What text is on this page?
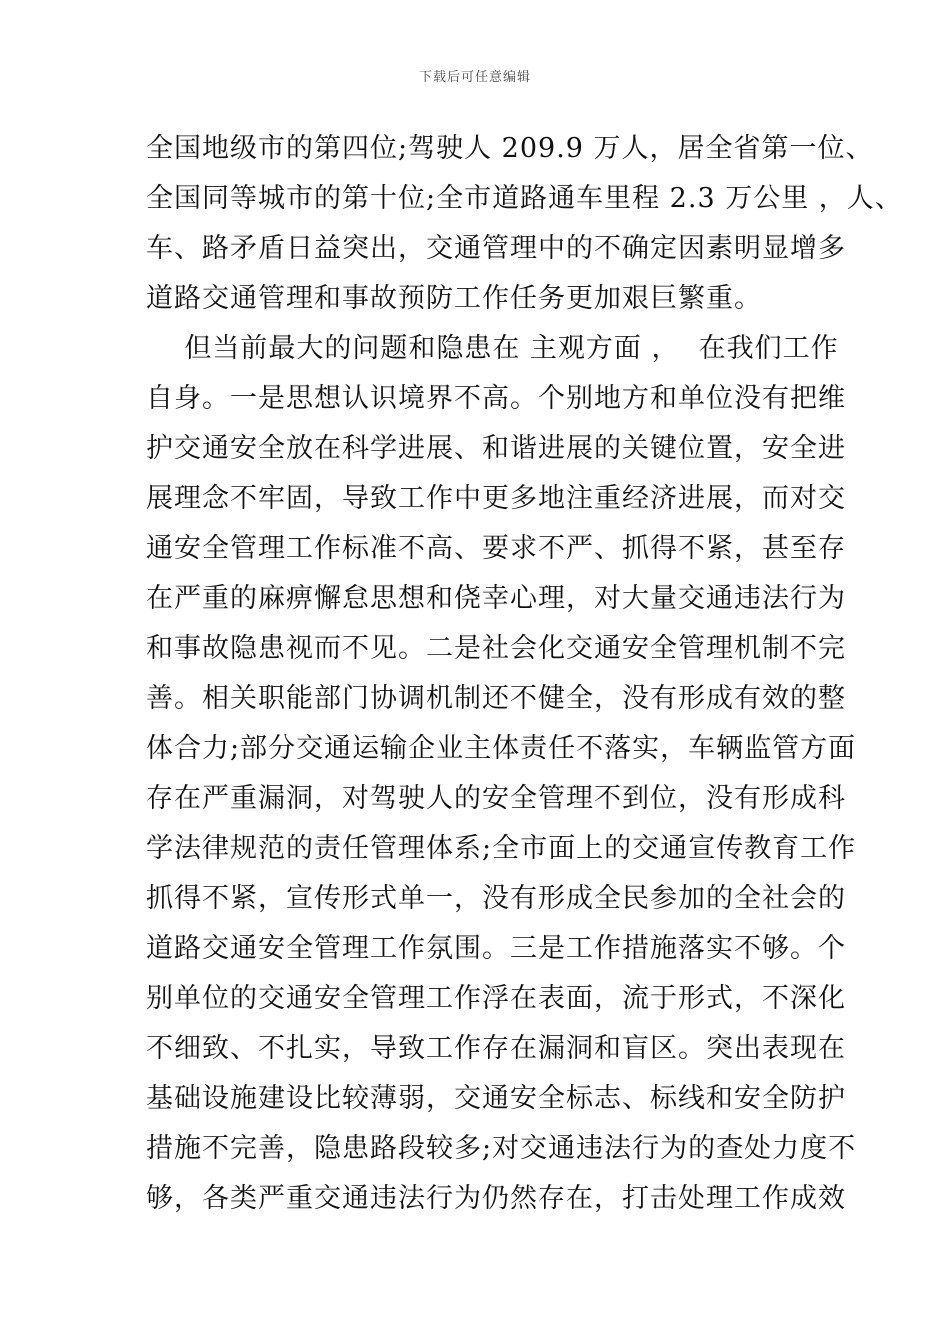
下载后可任意编辑
全国地级市的第四位;驾驶人 209.9 万人，居全省第一位、
全国同等城市的第十位;全市道路通车里程 2.3 万公里 ，人、
车、路矛盾日益突出，交通管理中的不确定因素明显增多
道路交通管理和事故预防工作任务更加艰巨繁重。
但当前最大的问题和隐患在 主观方面 ，  在我们工作
自身。一是思想认识境界不高。个别地方和单位没有把维
护交通安全放在科学进展、和谐进展的关键位置，安全进
展理念不牢固，导致工作中更多地注重经济进展，而对交
通安全管理工作标准不高、要求不严、抓得不紧，甚至存
在严重的麻痹懈怠思想和侥幸心理，对大量交通违法行为
和事故隐患视而不见。二是社会化交通安全管理机制不完
善。相关职能部门协调机制还不健全，没有形成有效的整
体合力;部分交通运输企业主体责任不落实，车辆监管方面
存在严重漏洞，对驾驶人的安全管理不到位，没有形成科
学法律规范的责任管理体系;全市面上的交通宣传教育工作
抓得不紧，宣传形式单一，没有形成全民参加的全社会的
道路交通安全管理工作氛围。三是工作措施落实不够。个
别单位的交通安全管理工作浮在表面，流于形式，不深化
不细致、不扎实，导致工作存在漏洞和盲区。突出表现在
基础设施建设比较薄弱，交通安全标志、标线和安全防护
措施不完善，隐患路段较多;对交通违法行为的查处力度不
够，各类严重交通违法行为仍然存在，打击处理工作成效
